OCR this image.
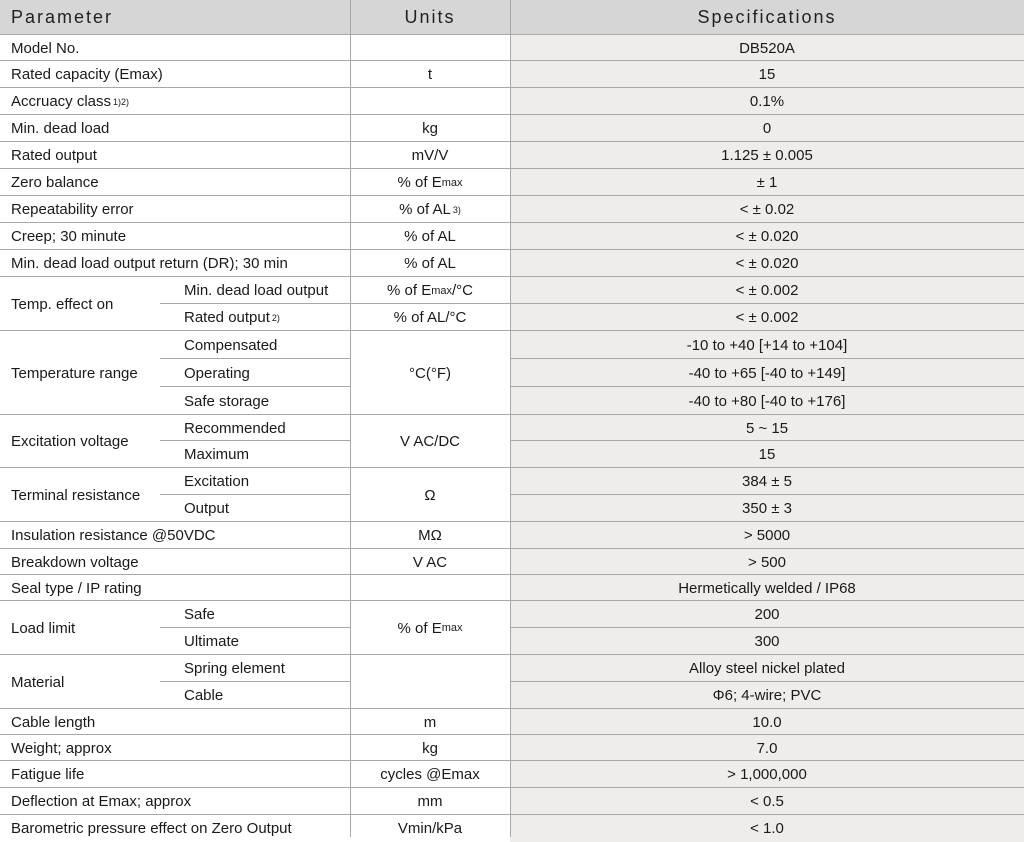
Parameter	Units	Specifications
DB520A
15
0.1%
0
1.125 ± 0.005
± 1
< ± 0.02
< ± 0.020
< ± 0.020
< ± 0.002
< ± 0.002
-10 to +40 [+14 to +104]
-40 to +65 [-40 to +149]
-40 to +80 [-40 to +176]
5 ~ 15
15
384 ± 5
350 ± 3
> 5000
> 500
Hermetically welded / IP68
200
300
Alloy steel nickel plated
Φ6; 4-wire; PVC
10.0
7.0
> 1,000,000
< 0.5
< 1.0
Model No.
Rated capacity (Emax)
Accruacy class 1)2)
Min. dead load
Rated output
Zero balance
Repeatability error
Creep; 30 minute
Min. dead load output return (DR); 30 min
Min. dead load output
Rated output 2)
Compensated
Operating
Safe storage
Recommended
Maximum
Excitation
Output
Insulation resistance @50VDC
Breakdown voltage
Seal type / IP rating
Safe
Ultimate
Spring element
Cable
Cable length
Weight; approx
Fatigue life
Deflection at Emax; approx
Barometric pressure effect on Zero Output
Temp. effect on
Temperature range
Excitation voltage
Terminal resistance
Load limit
Material
t
kg
mV/V
% of E max
% of AL 3)
% of AL
% of AL
% of E max /°C
% of AL/°C
°C(°F)
V AC/DC
Ω
MΩ
V AC
% of E max
m
kg
cycles @Emax
mm
Vmin/kPa
